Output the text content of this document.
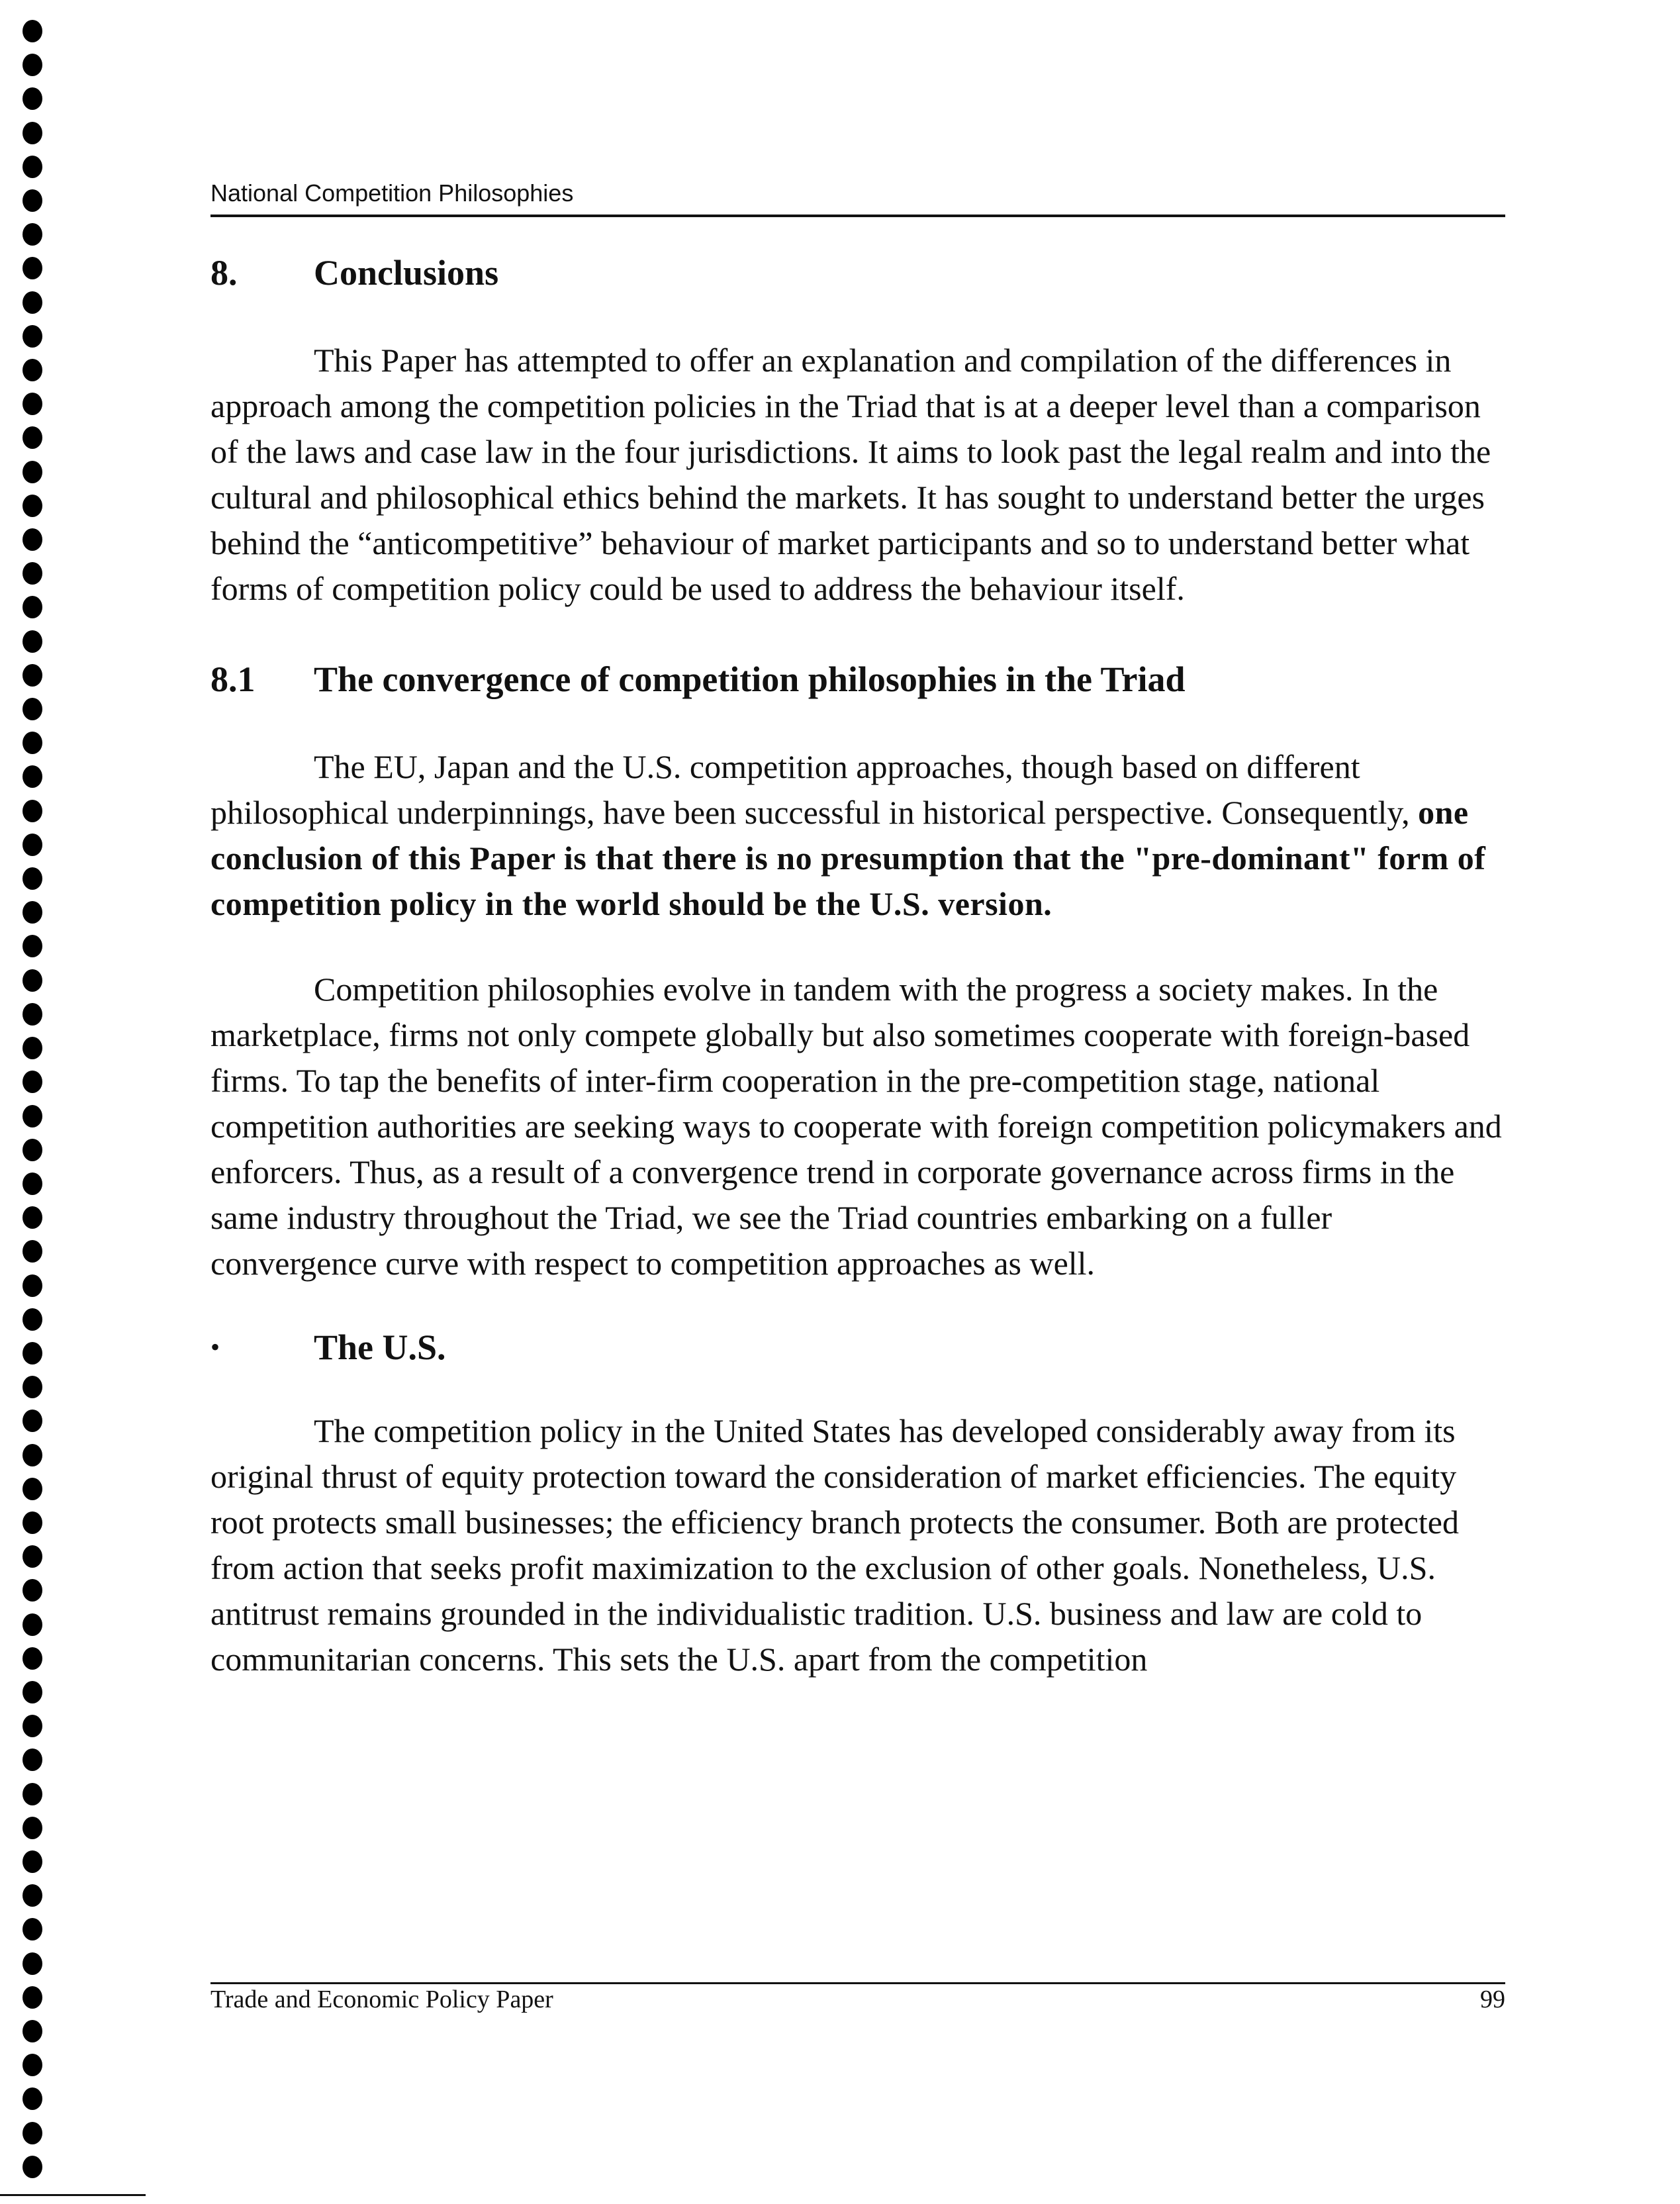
National Competition Philosophies
8.	Conclusions

This Paper has attempted to offer an explanation and compilation of the differences in approach among the competition policies in the Triad that is at a deeper level than a comparison of the laws and case law in the four jurisdictions. It aims to look past the legal realm and into the cultural and philosophical ethics behind the markets. It has sought to understand better the urges behind the “anticompetitive” behaviour of market participants and so to understand better what forms of competition policy could be used to address the behaviour itself.

8.1	The convergence of competition philosophies in the Triad

The EU, Japan and the U.S. competition approaches, though based on different philosophical underpinnings, have been successful in historical perspective. Consequently, one conclusion of this Paper is that there is no presumption that the "pre-dominant" form of competition policy in the world should be the U.S. version.

Competition philosophies evolve in tandem with the progress a society makes. In the marketplace, firms not only compete globally but also sometimes cooperate with foreign-based firms. To tap the benefits of inter-firm cooperation in the pre-competition stage, national competition authorities are seeking ways to cooperate with foreign competition policymakers and enforcers. Thus, as a result of a convergence trend in corporate governance across firms in the same industry throughout the Triad, we see the Triad countries embarking on a fuller convergence curve with respect to competition approaches as well.

•	The U.S.

The competition policy in the United States has developed considerably away from its original thrust of equity protection toward the consideration of market efficiencies. The equity root protects small businesses; the efficiency branch protects the consumer. Both are protected from action that seeks profit maximization to the exclusion of other goals. Nonetheless, U.S. antitrust remains grounded in the individualistic tradition. U.S. business and law are cold to communitarian concerns. This sets the U.S. apart from the competition

Trade and Economic Policy Paper	99
